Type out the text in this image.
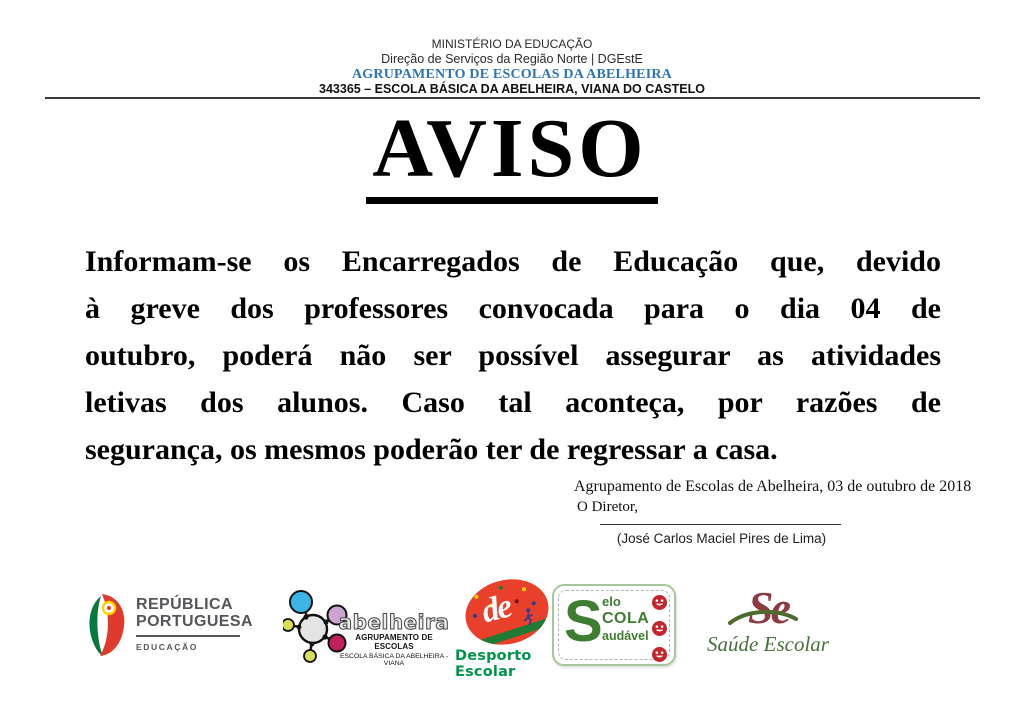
MINISTÉRIO DA EDUCAÇÃO
Direção de Serviços da Região Norte | DGEstE
AGRUPAMENTO DE ESCOLAS DA ABELHEIRA
343365 – ESCOLA BÁSICA DA ABELHEIRA, VIANA DO CASTELO
AVISO
Informam-se os Encarregados de Educação que, devido
à greve dos professores convocada para o dia 04 de
outubro, poderá não ser possível assegurar as atividades
letivas dos alunos. Caso tal aconteça, por razões de
segurança, os mesmos poderão ter de regressar a casa.
Agrupamento de Escolas de Abelheira, 03 de outubro de 2018
O Diretor,
(José Carlos Maciel Pires de Lima)
REPÚBLICA
PORTUGUESA
EDUCAÇÃO
abelheira
AGRUPAMENTO DE ESCOLAS
ESCOLA BÁSICA DA ABELHEIRA -VIANA
de
Desporto Escolar
S elo
COLA
audável
Se
Saúde Escolar
